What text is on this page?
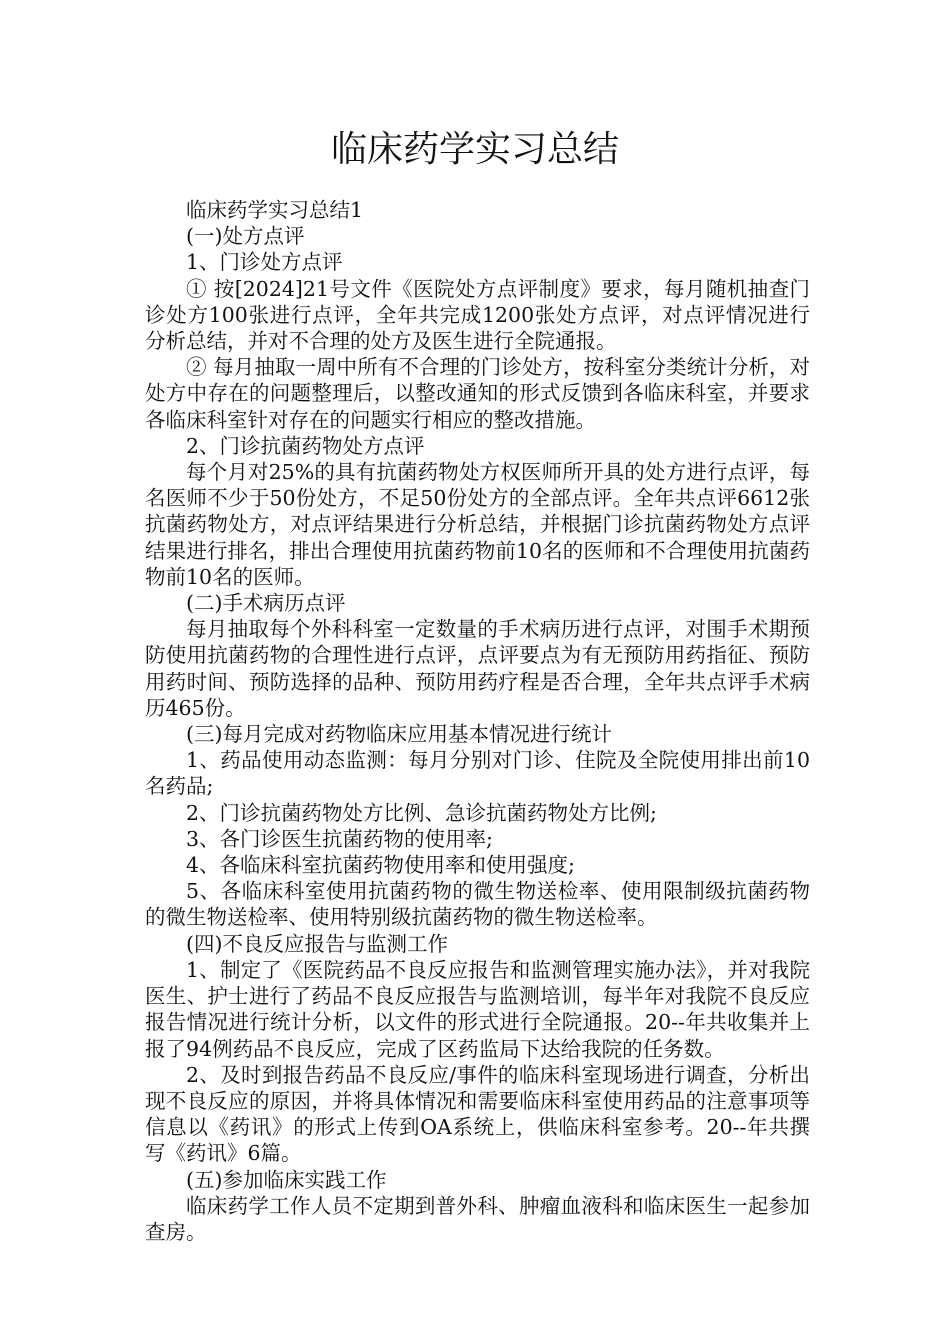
临床药学实习总结

临床药学实习总结1

(一)处方点评

1、门诊处方点评

① 按[2024]21号文件《医院处方点评制度》要求，每月随机抽查门诊处方100张进行点评，全年共完成1200张处方点评，对点评情况进行分析总结，并对不合理的处方及医生进行全院通报。

② 每月抽取一周中所有不合理的门诊处方，按科室分类统计分析，对处方中存在的问题整理后，以整改通知的形式反馈到各临床科室，并要求各临床科室针对存在的问题实行相应的整改措施。

2、门诊抗菌药物处方点评

每个月对25%的具有抗菌药物处方权医师所开具的处方进行点评，每名医师不少于50份处方，不足50份处方的全部点评。全年共点评6612张抗菌药物处方，对点评结果进行分析总结，并根据门诊抗菌药物处方点评结果进行排名，排出合理使用抗菌药物前10名的医师和不合理使用抗菌药物前10名的医师。

(二)手术病历点评

每月抽取每个外科科室一定数量的手术病历进行点评，对围手术期预防使用抗菌药物的合理性进行点评，点评要点为有无预防用药指征、预防用药时间、预防选择的品种、预防用药疗程是否合理，全年共点评手术病历465份。

(三)每月完成对药物临床应用基本情况进行统计

1、药品使用动态监测：每月分别对门诊、住院及全院使用排出前10名药品;

2、门诊抗菌药物处方比例、急诊抗菌药物处方比例;

3、各门诊医生抗菌药物的使用率;

4、各临床科室抗菌药物使用率和使用强度;

5、各临床科室使用抗菌药物的微生物送检率、使用限制级抗菌药物的微生物送检率、使用特别级抗菌药物的微生物送检率。

(四)不良反应报告与监测工作

1、制定了《医院药品不良反应报告和监测管理实施办法》，并对我院医生、护士进行了药品不良反应报告与监测培训，每半年对我院不良反应报告情况进行统计分析，以文件的形式进行全院通报。20--年共收集并上报了94例药品不良反应，完成了区药监局下达给我院的任务数。

2、及时到报告药品不良反应/事件的临床科室现场进行调查，分析出现不良反应的原因，并将具体情况和需要临床科室使用药品的注意事项等信息以《药讯》的形式上传到OA系统上，供临床科室参考。20--年共撰写《药讯》6篇。

(五)参加临床实践工作

临床药学工作人员不定期到普外科、肿瘤血液科和临床医生一起参加查房。
